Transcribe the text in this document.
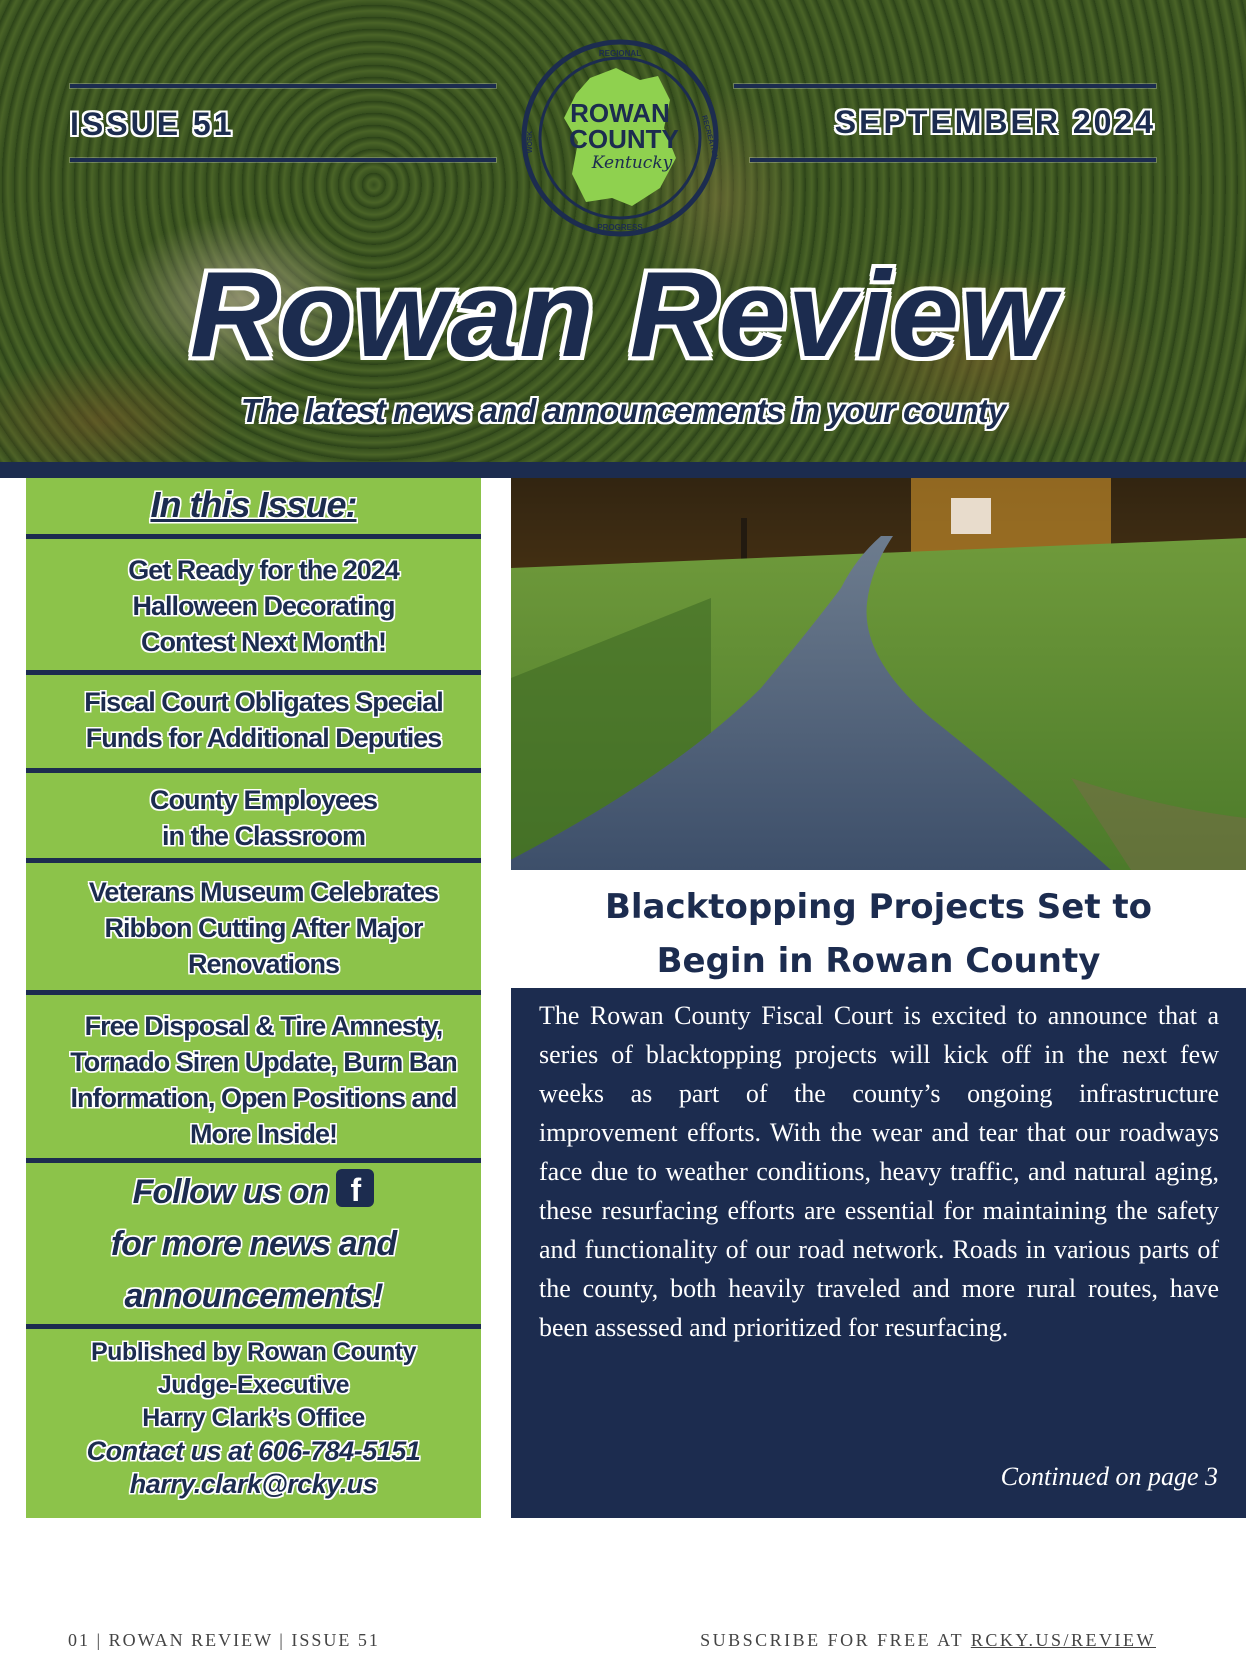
ISSUE 51	SEPTEMBER 2024
REGIONAL
PROGRESS
WORK	RECREATION
ROWAN
COUNTY
Kentucky
Rowan Review
The latest news and announcements in your county
In this Issue:
Get Ready for the 2024
Halloween Decorating
Contest Next Month!
Fiscal Court Obligates Special
Funds for Additional Deputies
County Employees
in the Classroom
Veterans Museum Celebrates
Ribbon Cutting After Major
Renovations
Free Disposal & Tire Amnesty,
Tornado Siren Update, Burn Ban
Information, Open Positions and
More Inside!
Follow us on f
for more news and
announcements!
Published by Rowan County
Judge-Executive
Harry Clark’s Office
Contact us at 606-784-5151
harry.clark@rcky.us
Blacktopping Projects Set to
Begin in Rowan County
The Rowan County Fiscal Court is excited to announce that a series of blacktopping projects will kick off in the next few weeks as part of the county’s ongoing infrastructure improvement efforts. With the wear and tear that our roadways face due to weather conditions, heavy traffic, and natural aging, these resurfacing efforts are essential for maintaining the safety and functionality of our road network. Roads in various parts of the county, both heavily traveled and more rural routes, have been assessed and prioritized for resurfacing.
Continued on page 3
01 | ROWAN REVIEW | ISSUE 51	SUBSCRIBE FOR FREE AT RCKY.US/REVIEW
